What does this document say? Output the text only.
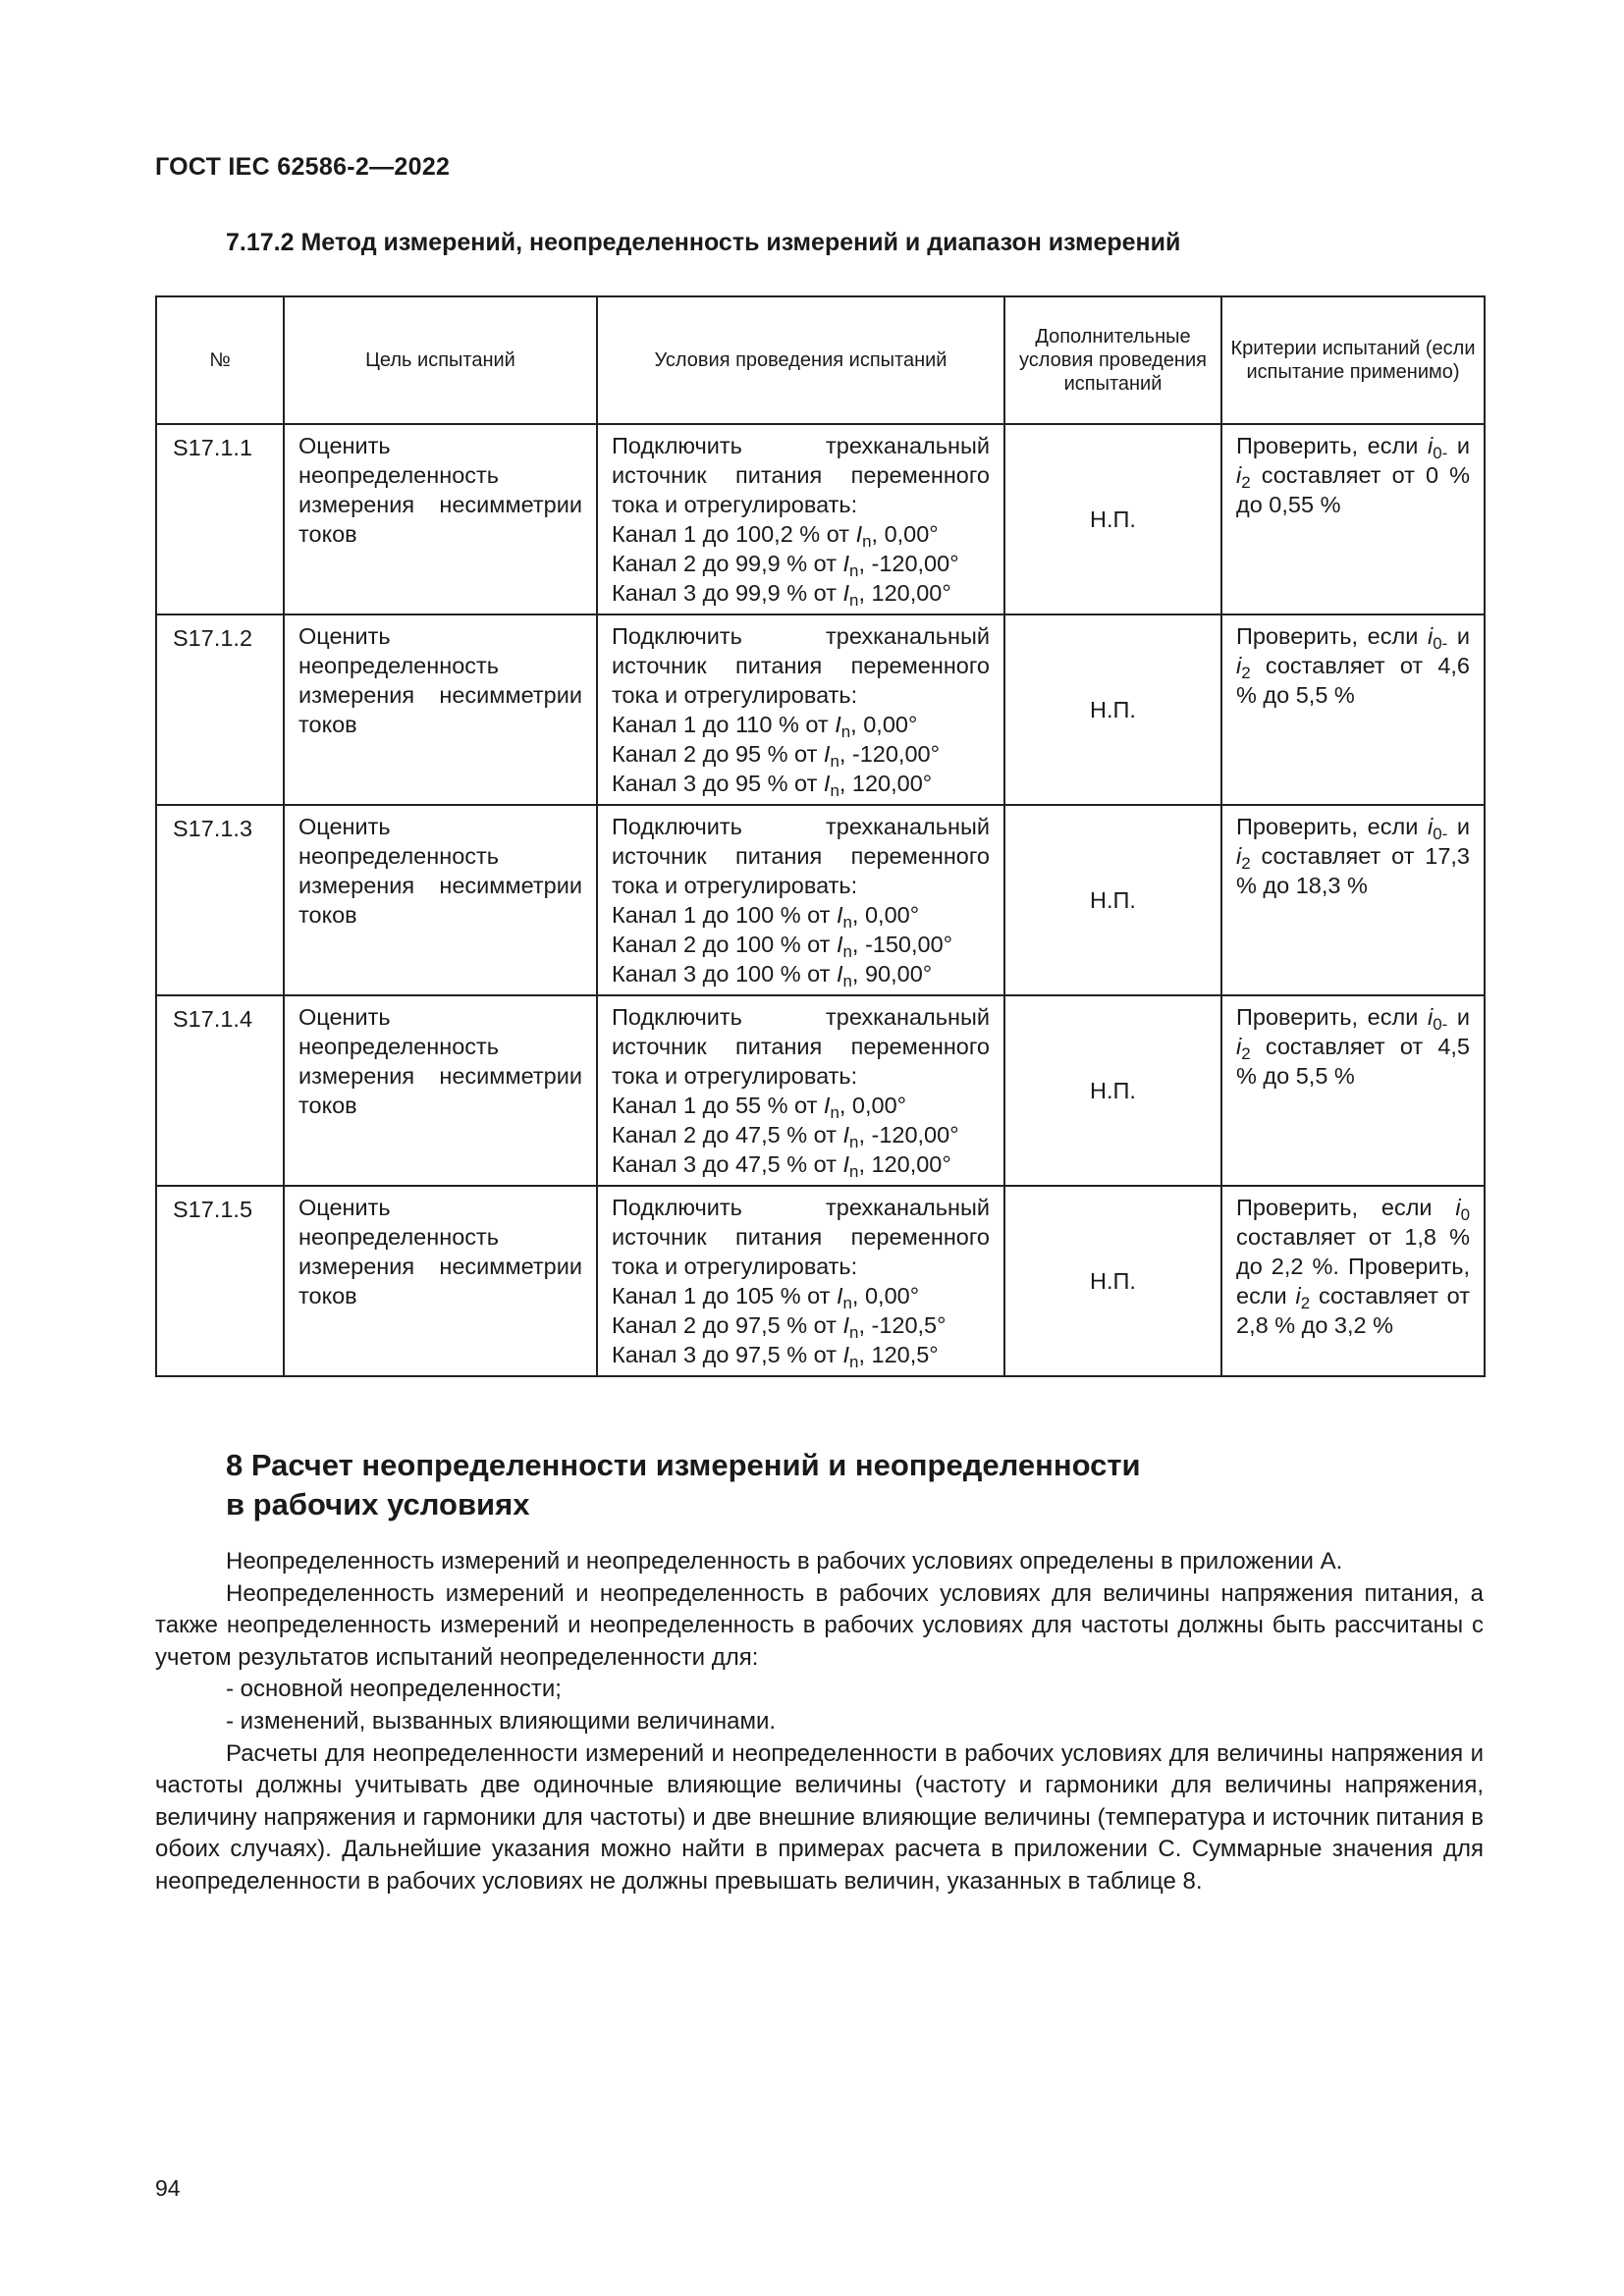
ГОСТ IEC 62586-2—2022
7.17.2 Метод измерений, неопределенность измерений и диапазон измерений
№	Цель испытаний	Условия проведения испытаний	Дополнительные условия проведения испытаний	Критерии испытаний (если испытание применимо)
S17.1.1	Оценить неопределенность измерения несимметрии токов	Подключить трехканальный источник питания переменного тока и отрегулировать:
Канал 1 до 100,2 % от $I_n$, 0,00°
Канал 2 до 99,9 % от $I_n$, -120,00°
Канал 3 до 99,9 % от $I_n$, 120,00°	Н.П.	Проверить, если $i_{0-}$ и $i_2$ составляет от 0 % до 0,55 %
S17.1.2	Оценить неопределенность измерения несимметрии токов	Подключить трехканальный источник питания переменного тока и отрегулировать:
Канал 1 до 110 % от $I_n$, 0,00°
Канал 2 до 95 % от $I_n$, -120,00°
Канал 3 до 95 % от $I_n$, 120,00°	Н.П.	Проверить, если $i_{0-}$ и $i_2$ составляет от 4,6 % до 5,5 %
S17.1.3	Оценить неопределенность измерения несимметрии токов	Подключить трехканальный источник питания переменного тока и отрегулировать:
Канал 1 до 100 % от $I_n$, 0,00°
Канал 2 до 100 % от $I_n$, -150,00°
Канал 3 до 100 % от $I_n$, 90,00°	Н.П.	Проверить, если $i_{0-}$ и $i_2$ составляет от 17,3 % до 18,3 %
S17.1.4	Оценить неопределенность измерения несимметрии токов	Подключить трехканальный источник питания переменного тока и отрегулировать:
Канал 1 до 55 % от $I_n$, 0,00°
Канал 2 до 47,5 % от $I_n$, -120,00°
Канал 3 до 47,5 % от $I_n$, 120,00°	Н.П.	Проверить, если $i_{0-}$ и $i_2$ составляет от 4,5 % до 5,5 %
S17.1.5	Оценить неопределенность измерения несимметрии токов	Подключить трехканальный источник питания переменного тока и отрегулировать:
Канал 1 до 105 % от $I_n$, 0,00°
Канал 2 до 97,5 % от $I_n$, -120,5°
Канал 3 до 97,5 % от $I_n$, 120,5°	Н.П.	Проверить, если $i_0$ составляет от 1,8 % до 2,2 %. Проверить, если $i_2$ составляет от 2,8 % до 3,2 %
8 Расчет неопределенности измерений и неопределенности
в рабочих условиях

Неопределенность измерений и неопределенность в рабочих условиях определены в приложении А.

Неопределенность измерений и неопределенность в рабочих условиях для величины напряжения питания, а также неопределенность измерений и неопределенность в рабочих условиях для частоты должны быть рассчитаны с учетом результатов испытаний неопределенности для:

- основной неопределенности;

- изменений, вызванных влияющими величинами.

Расчеты для неопределенности измерений и неопределенности в рабочих условиях для величины напряжения и частоты должны учитывать две одиночные влияющие величины (частоту и гармоники для величины напряжения, величину напряжения и гармоники для частоты) и две внешние влияющие величины (температура и источник питания в обоих случаях). Дальнейшие указания можно найти в примерах расчета в приложении С. Суммарные значения для неопределенности в рабочих условиях не должны превышать величин, указанных в таблице 8.

94
